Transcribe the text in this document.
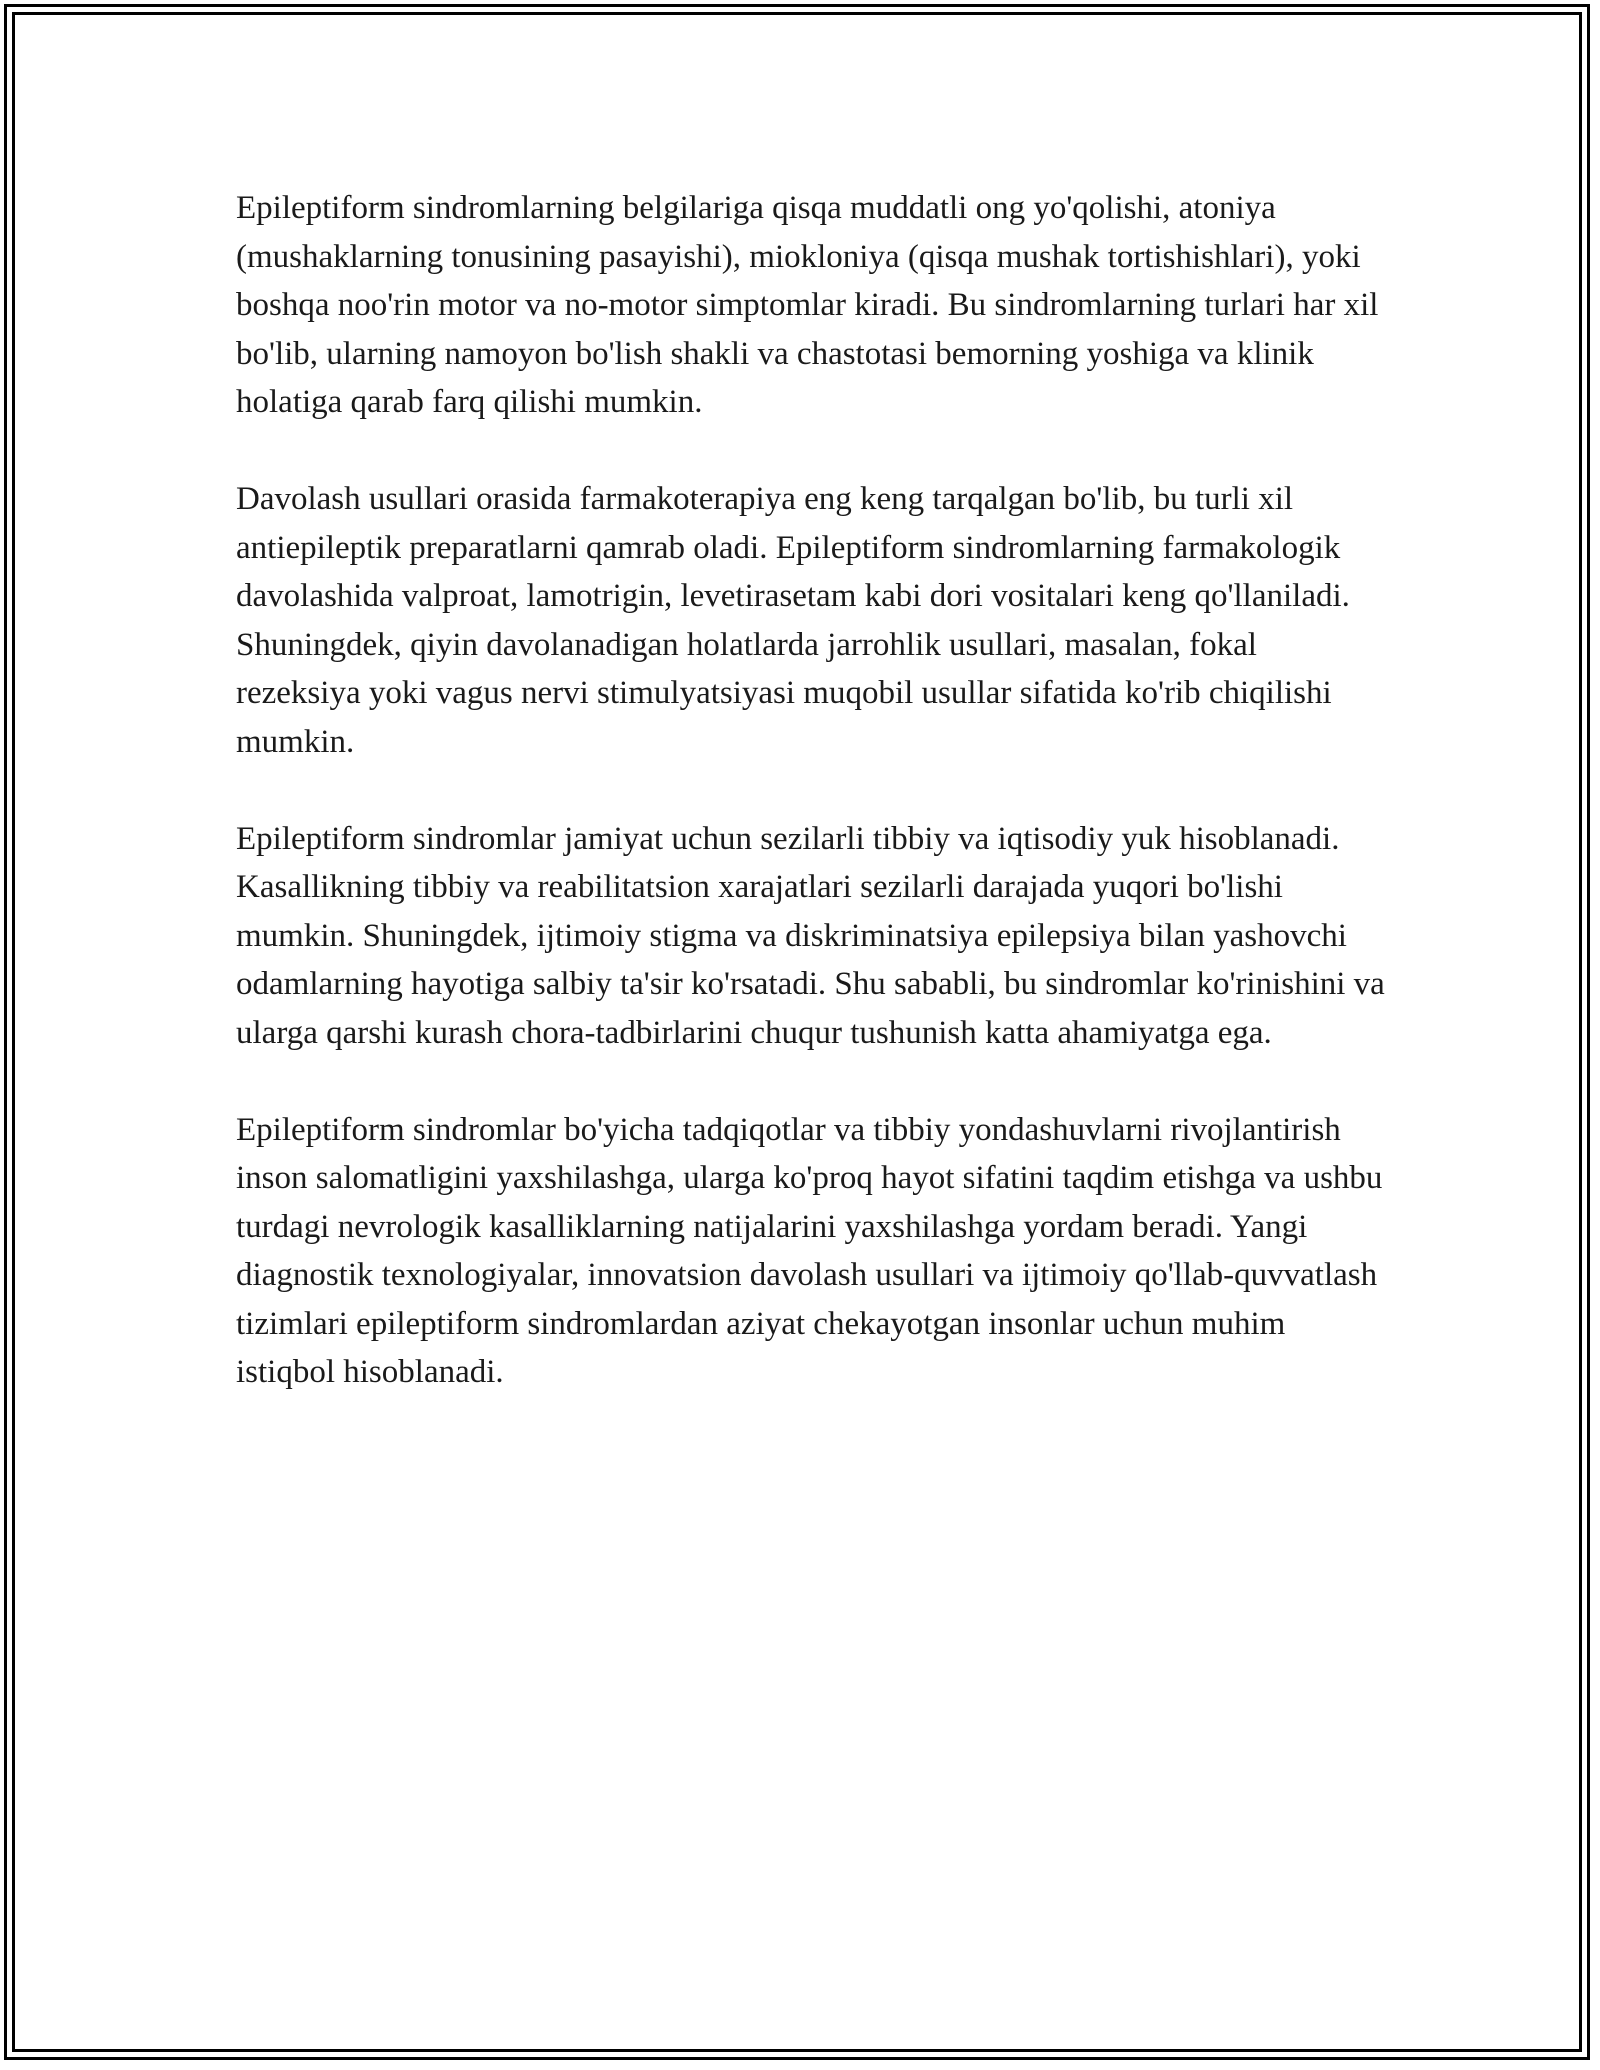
Epileptiform sindromlarning belgilariga qisqa muddatli ong yo'qolishi, atoniya (mushaklarning tonusining pasayishi), miokloniya (qisqa mushak tortishishlari), yoki boshqa noo'rin motor va no-motor simptomlar kiradi. Bu sindromlarning turlari har xil bo'lib, ularning namoyon bo'lish shakli va chastotasi bemorning yoshiga va klinik holatiga qarab farq qilishi mumkin.

Davolash usullari orasida farmakoterapiya eng keng tarqalgan bo'lib, bu turli xil antiepileptik preparatlarni qamrab oladi. Epileptiform sindromlarning farmakologik davolashida valproat, lamotrigin, levetirasetam kabi dori vositalari keng qo'llaniladi. Shuningdek, qiyin davolanadigan holatlarda jarrohlik usullari, masalan, fokal rezeksiya yoki vagus nervi stimulyatsiyasi muqobil usullar sifatida ko'rib chiqilishi mumkin.

Epileptiform sindromlar jamiyat uchun sezilarli tibbiy va iqtisodiy yuk hisoblanadi. Kasallikning tibbiy va reabilitatsion xarajatlari sezilarli darajada yuqori bo'lishi mumkin. Shuningdek, ijtimoiy stigma va diskriminatsiya epilepsiya bilan yashovchi odamlarning hayotiga salbiy ta'sir ko'rsatadi. Shu sababli, bu sindromlar ko'rinishini va ularga qarshi kurash chora-tadbirlarini chuqur tushunish katta ahamiyatga ega.

Epileptiform sindromlar bo'yicha tadqiqotlar va tibbiy yondashuvlarni rivojlantirish inson salomatligini yaxshilashga, ularga ko'proq hayot sifatini taqdim etishga va ushbu turdagi nevrologik kasalliklarning natijalarini yaxshilashga yordam beradi. Yangi diagnostik texnologiyalar, innovatsion davolash usullari va ijtimoiy qo'llab-quvvatlash tizimlari epileptiform sindromlardan aziyat chekayotgan insonlar uchun muhim istiqbol hisoblanadi.
